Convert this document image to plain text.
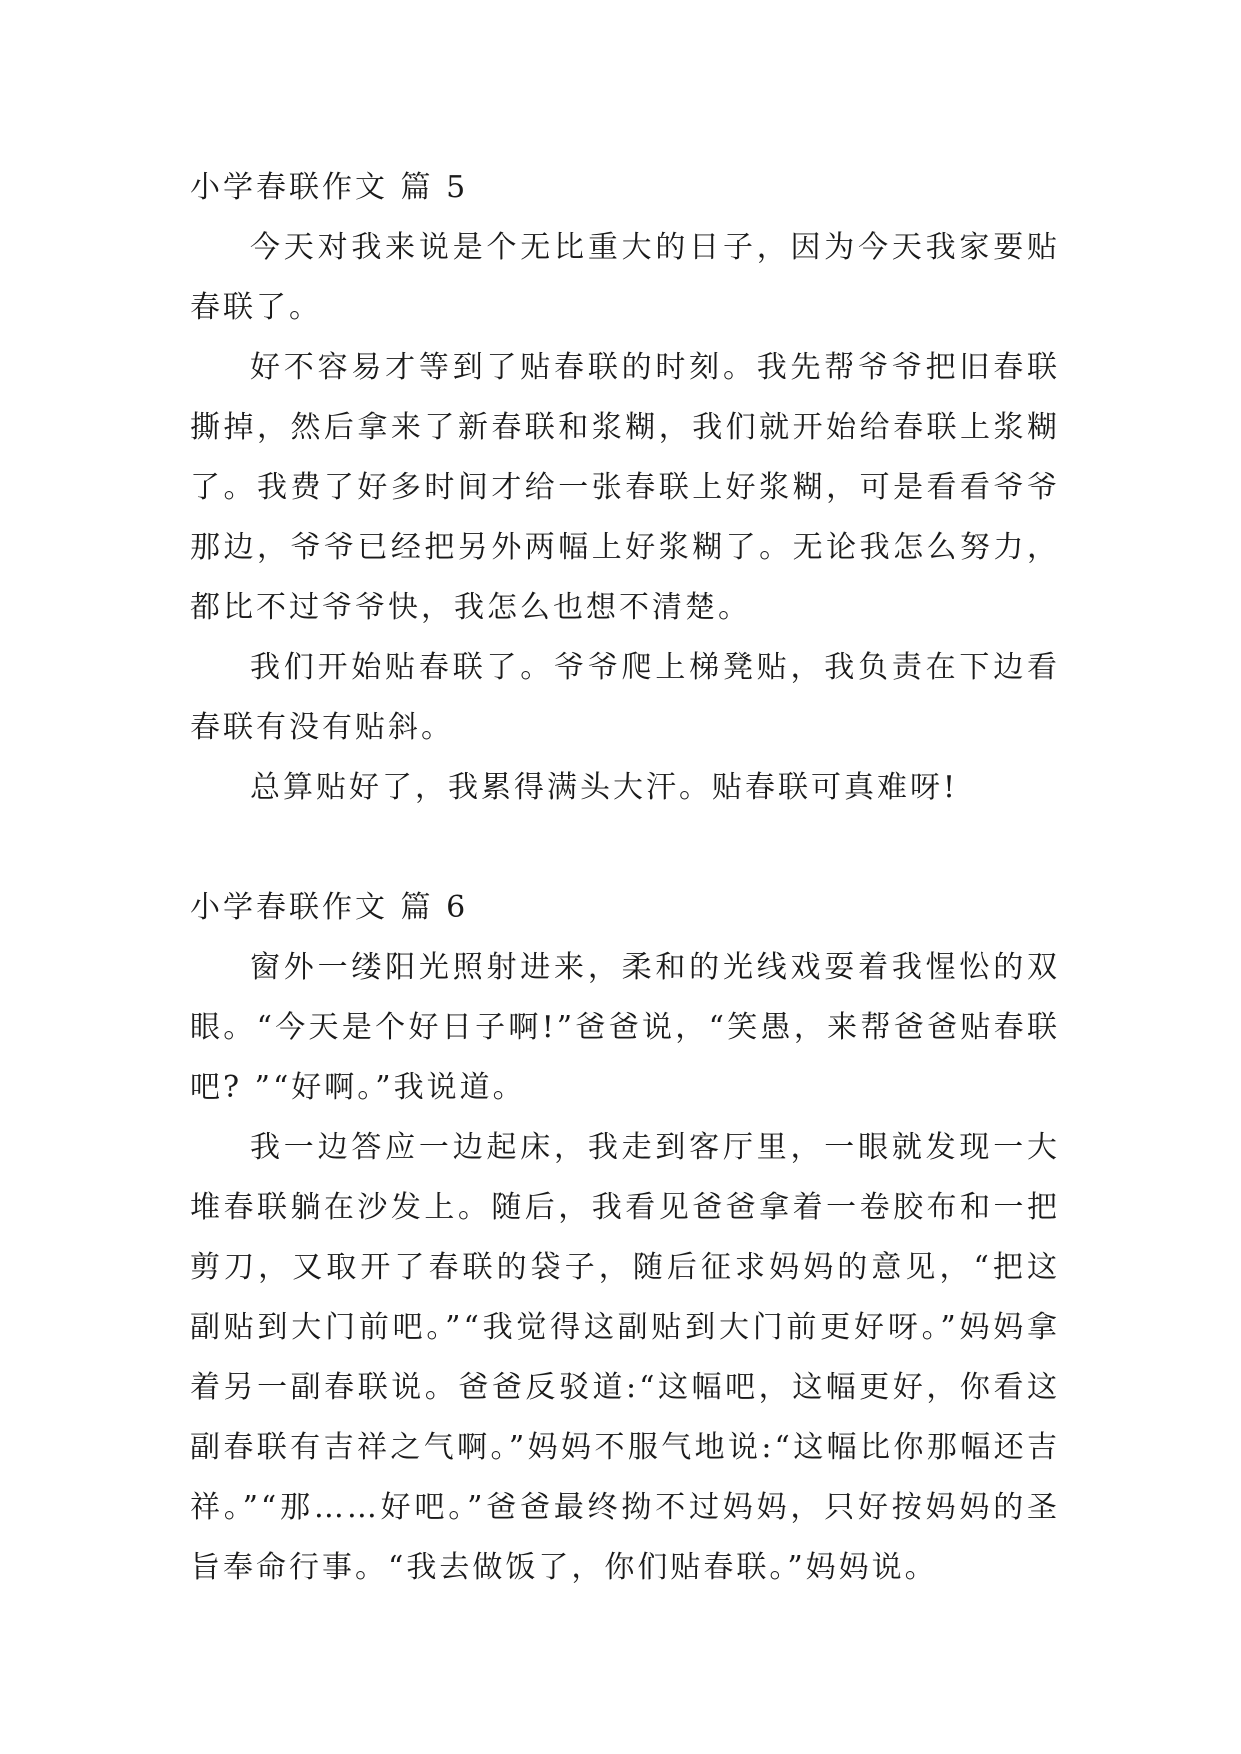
小学春联作文 篇 5

今天对我来说是个无比重大的日子，因为今天我家要贴春联了。

好不容易才等到了贴春联的时刻。我先帮爷爷把旧春联撕掉，然后拿来了新春联和浆糊，我们就开始给春联上浆糊了。我费了好多时间才给一张春联上好浆糊，可是看看爷爷那边，爷爷已经把另外两幅上好浆糊了。无论我怎么努力，都比不过爷爷快，我怎么也想不清楚。

我们开始贴春联了。爷爷爬上梯凳贴，我负责在下边看春联有没有贴斜。

总算贴好了，我累得满头大汗。贴春联可真难呀!

小学春联作文 篇 6

窗外一缕阳光照射进来，柔和的光线戏耍着我惺忪的双眼。“今天是个好日子啊!”爸爸说，“笑愚，来帮爸爸贴春联吧? ”“好啊。”我说道。

我一边答应一边起床，我走到客厅里，一眼就发现一大堆春联躺在沙发上。随后，我看见爸爸拿着一卷胶布和一把剪刀，又取开了春联的袋子，随后征求妈妈的意见，“把这副贴到大门前吧。”“我觉得这副贴到大门前更好呀。”妈妈拿着另一副春联说。爸爸反驳道:“这幅吧，这幅更好，你看这副春联有吉祥之气啊。”妈妈不服气地说:“这幅比你那幅还吉祥。”“那……好吧。”爸爸最终拗不过妈妈，只好按妈妈的圣旨奉命行事。“我去做饭了，你们贴春联。”妈妈说。
